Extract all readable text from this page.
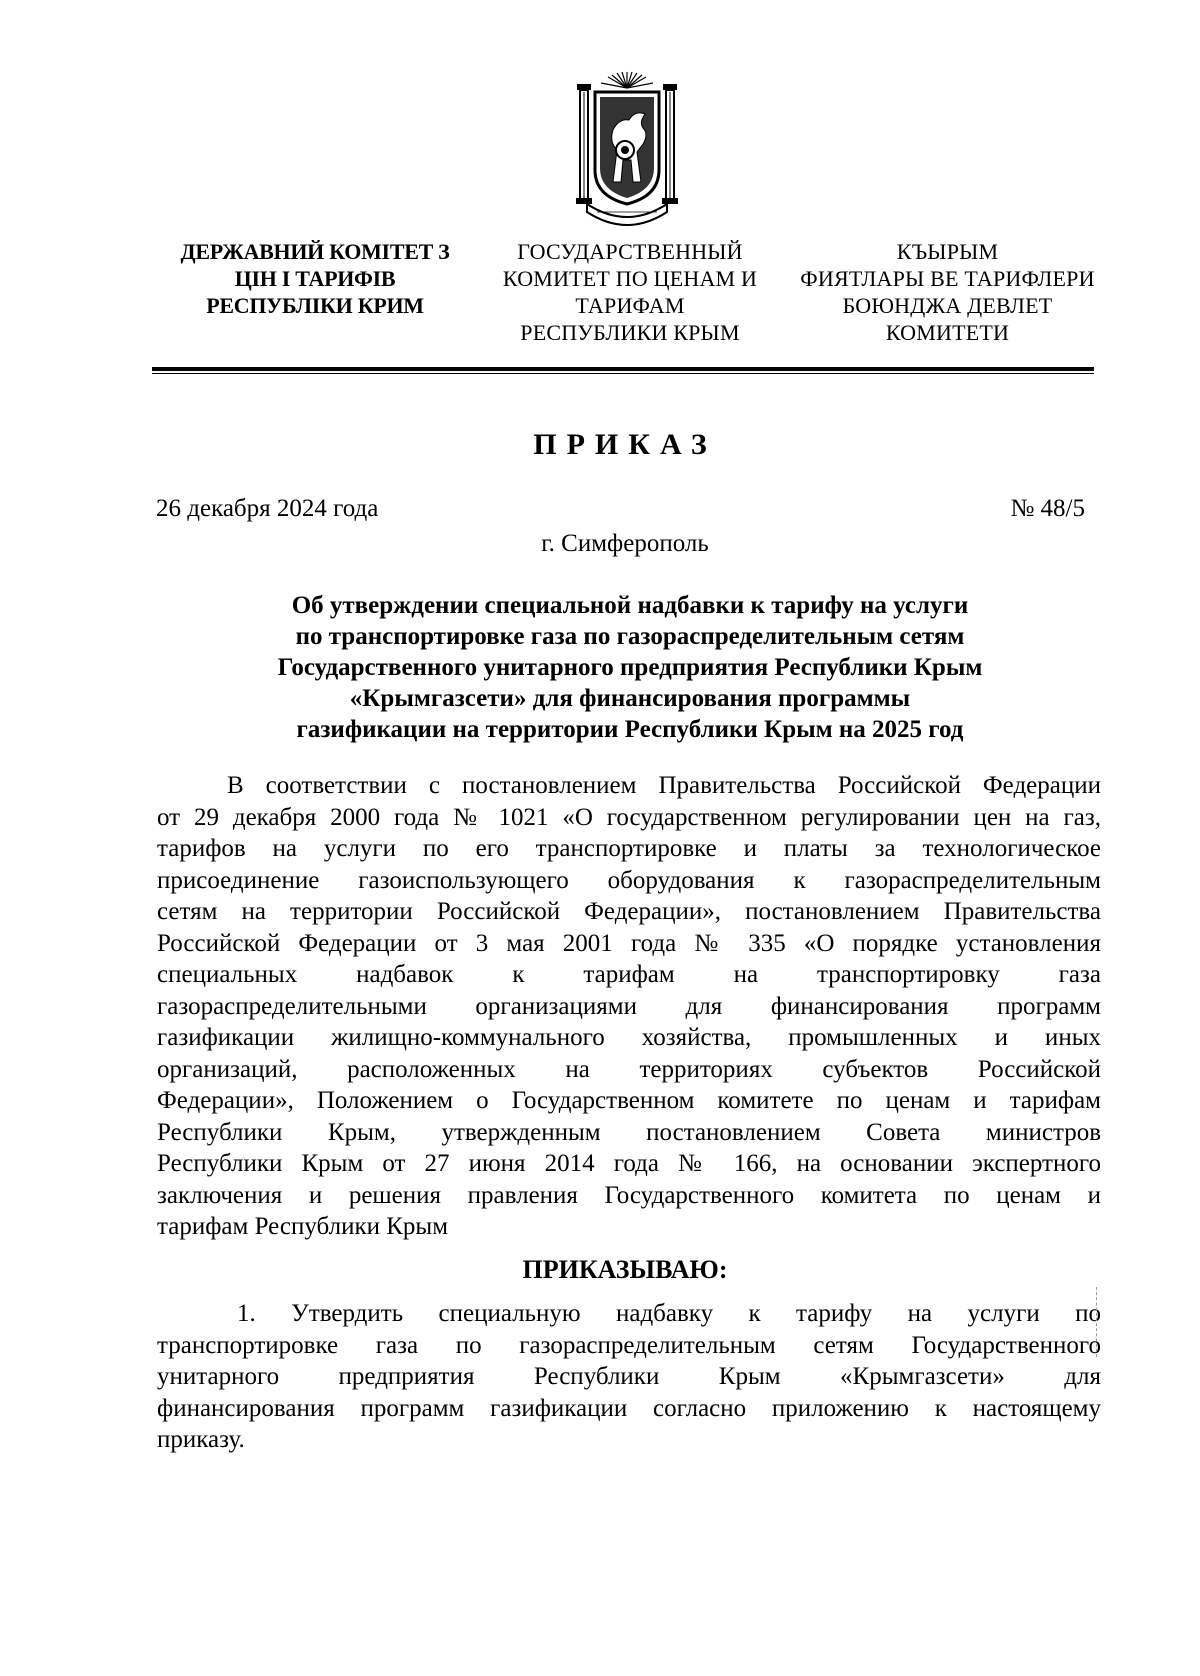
ДЕРЖАВНИЙ КОМІТЕТ З
ЦІН І ТАРИФІВ
РЕСПУБЛІКИ КРИМ
ГОСУДАРСТВЕННЫЙ
КОМИТЕТ ПО ЦЕНАМ И
ТАРИФАМ
РЕСПУБЛИКИ КРЫМ
КЪЫРЫМ
ФИЯТЛАРЫ ВЕ ТАРИФЛЕРИ
БОЮНДЖА ДЕВЛЕТ
КОМИТЕТИ
ПРИКАЗ
26 декабря 2024 года	№ 48/5
г. Симферополь
Об утверждении специальной надбавки к тарифу на услуги
по транспортировке газа по газораспределительным сетям
Государственного унитарного предприятия Республики Крым
«Крымгазсети» для финансирования программы
газификации на территории Республики Крым на 2025 год
В соответствии с постановлением Правительства Российской Федерации
от 29 декабря 2000 года № 1021 «О государственном регулировании цен на газ,
тарифов на услуги по его транспортировке и платы за технологическое
присоединение газоиспользующего оборудования к газораспределительным
сетям на территории Российской Федерации», постановлением Правительства
Российской Федерации от 3 мая 2001 года № 335 «О порядке установления
специальных надбавок к тарифам на транспортировку газа
газораспределительными организациями для финансирования программ
газификации жилищно-коммунального хозяйства, промышленных и иных
организаций, расположенных на территориях субъектов Российской
Федерации», Положением о Государственном комитете по ценам и тарифам
Республики Крым, утвержденным постановлением Совета министров
Республики Крым от 27 июня 2014 года № 166, на основании экспертного
заключения и решения правления Государственного комитета по ценам и
тарифам Республики Крым
ПРИКАЗЫВАЮ:
1. Утвердить специальную надбавку к тарифу на услуги по
транспортировке газа по газораспределительным сетям Государственного
унитарного предприятия Республики Крым «Крымгазсети» для
финансирования программ газификации согласно приложению к настоящему
приказу.
